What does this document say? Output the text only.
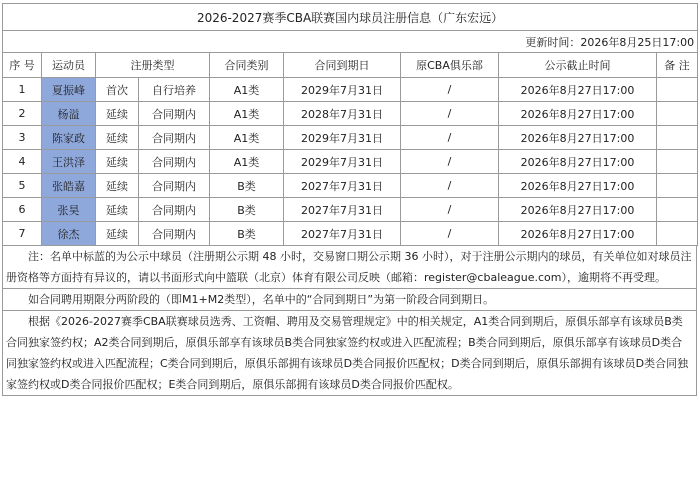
2026-2027赛季CBA联赛国内球员注册信息（广东宏远）								
更新时间：2026年8月25日17:00								
序 号	运动员	注册类型		合同类别	合同到期日	原CBA俱乐部	公示截止时间	备 注
1	夏振峰	首次	自行培养	A1类	2029年7月31日	/	2026年8月27日17:00	
2	杨溢	延续	合同期内	A1类	2028年7月31日	/	2026年8月27日17:00	
3	陈家政	延续	合同期内	A1类	2029年7月31日	/	2026年8月27日17:00	
4	王洪泽	延续	合同期内	A1类	2029年7月31日	/	2026年8月27日17:00	
5	张皓嘉	延续	合同期内	B类	2027年7月31日	/	2026年8月27日17:00	
6	张昊	延续	合同期内	B类	2027年7月31日	/	2026年8月27日17:00	
7	徐杰	延续	合同期内	B类	2027年7月31日	/	2026年8月27日17:00	

注：名单中标蓝的为公示中球员（注册期公示期 48 小时，交易窗口期公示期 36 小时），对于注册公示期内的球员，有关单位如对球员注册资格等方面持有异议的，请以书面形式向中篮联（北京）体育有限公司反映（邮箱：register@cbaleague.com），逾期将不再受理。

如合同聘用期限分两阶段的（即M1+M2类型），名单中的“合同到期日”为第一阶段合同到期日。

根据《2026-2027赛季CBA联赛球员选秀、工资帽、聘用及交易管理规定》中的相关规定，A1类合同到期后，原俱乐部享有该球员B类合同独家签约权；A2类合同到期后，原俱乐部享有该球员B类合同独家签约权或进入匹配流程；B类合同到期后，原俱乐部享有该球员D类合同独家签约权或进入匹配流程；C类合同到期后，原俱乐部拥有该球员D类合同报价匹配权；D类合同到期后，原俱乐部拥有该球员D类合同独家签约权或D类合同报价匹配权；E类合同到期后，原俱乐部拥有该球员D类合同报价匹配权。
